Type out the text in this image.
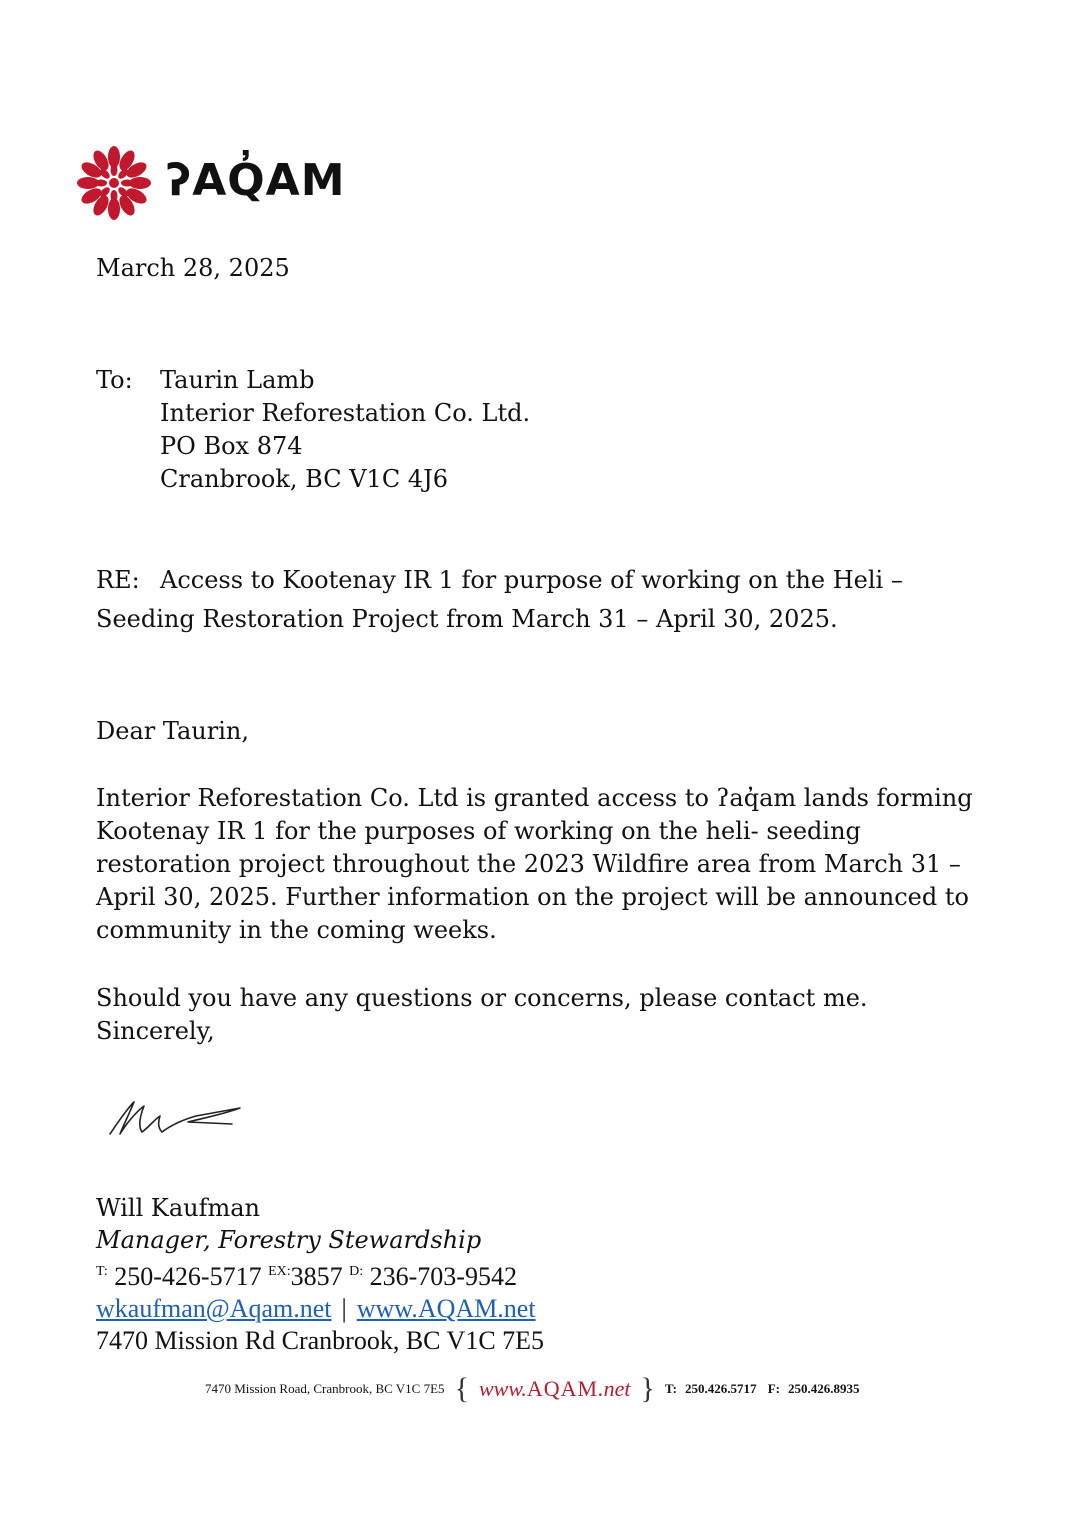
ʔAQ̓AM
March 28, 2025
To: Taurin Lamb
Interior Reforestation Co. Ltd.
PO Box 874
Cranbrook, BC V1C 4J6
RE: Access to Kootenay IR 1 for purpose of working on the Heli –
Seeding Restoration Project from March 31 – April 30, 2025.
Dear Taurin,
Interior Reforestation Co. Ltd is granted access to ʔaq̓am lands forming Kootenay IR 1 for the purposes of working on the heli- seeding restoration project throughout the 2023 Wildfire area from March 31 – April 30, 2025. Further information on the project will be announced to community in the coming weeks.
Should you have any questions or concerns, please contact me.
Sincerely,
Will Kaufman
Manager, Forestry Stewardship
$^{T:}$ 250-426-5717 $^{EX:}$3857 $^{D:}$ 236-703-9542
wkaufman@Aqam.net | www.AQAM.net
7470 Mission Rd Cranbrook, BC V1C 7E5
7470 Mission Road, Cranbrook, BC V1C 7E5 { www.AQAM.net } T: 250.426.5717 F: 250.426.8935
